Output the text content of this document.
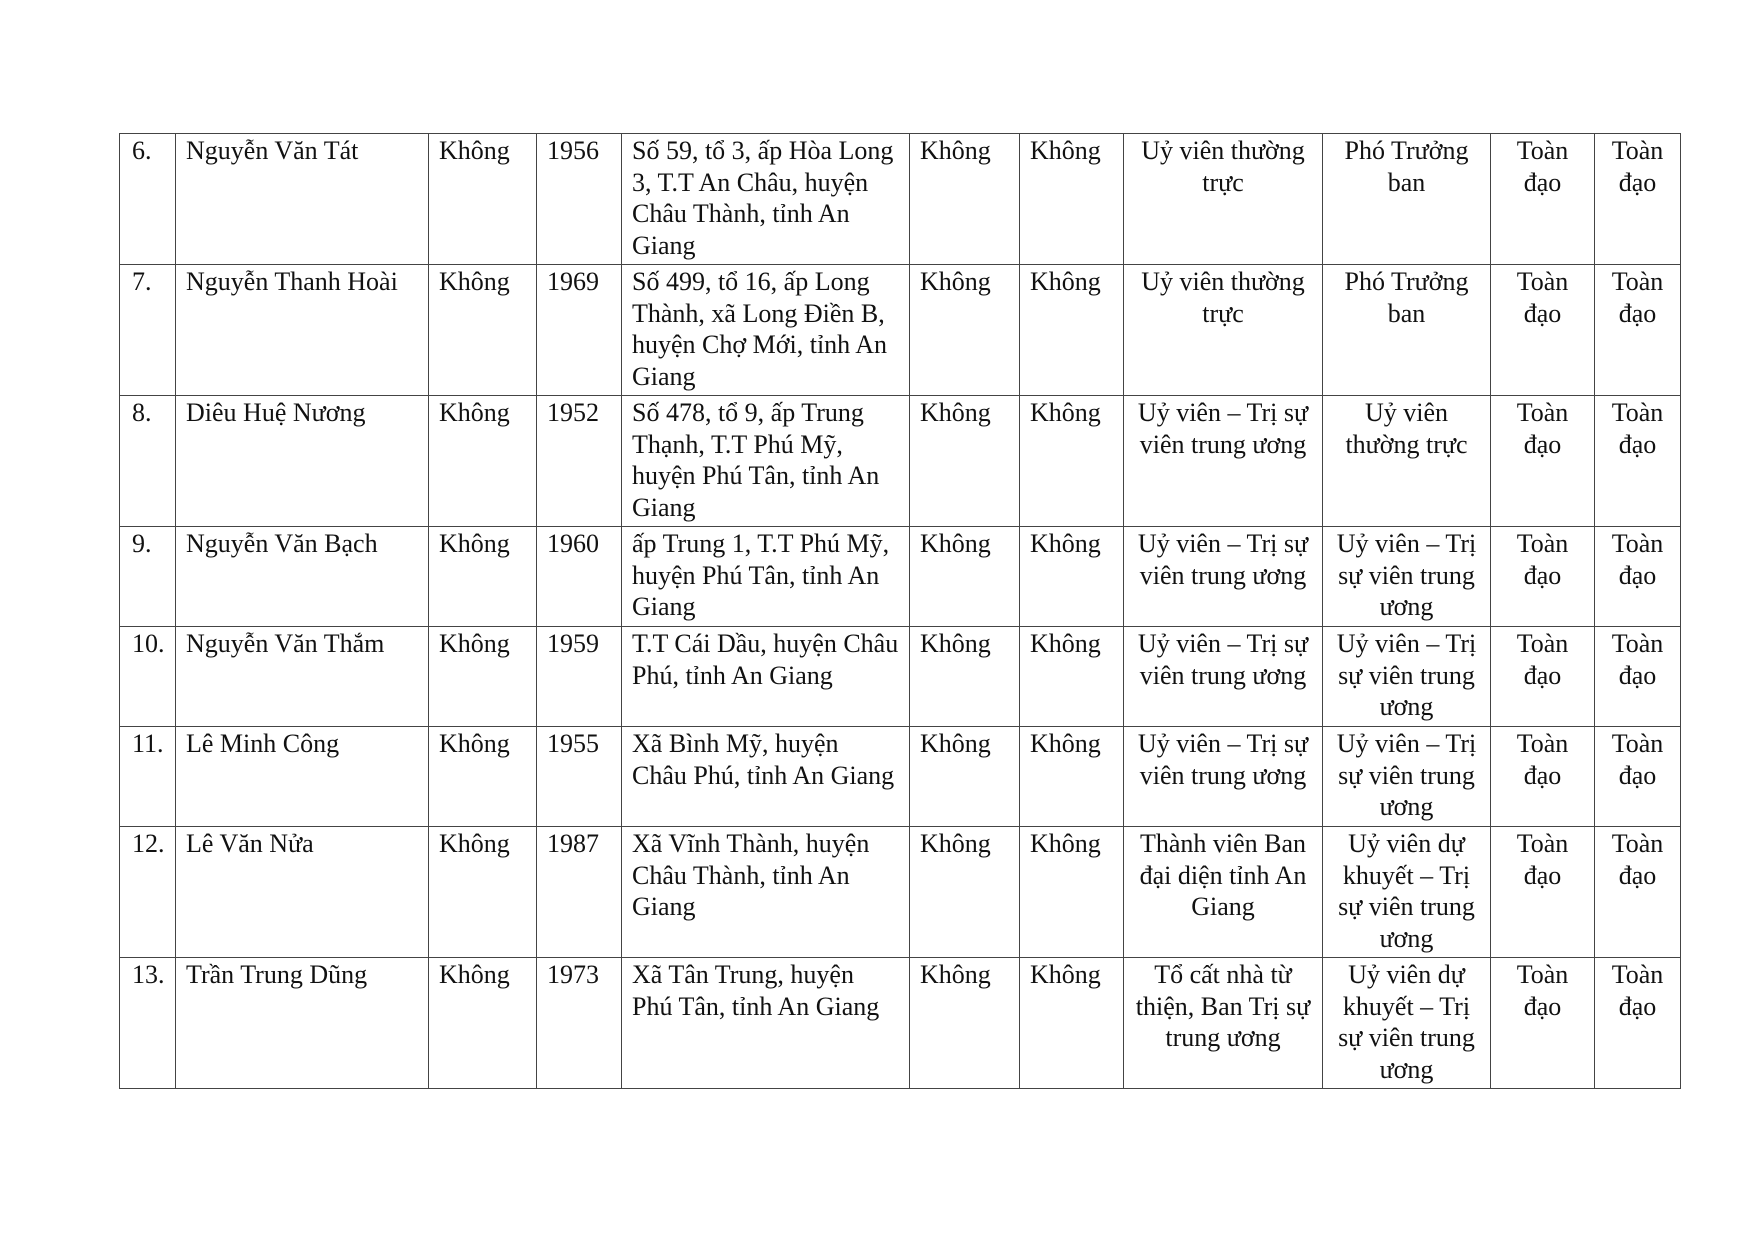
6.	Nguyễn Văn Tát	Không	1956	Số 59, tổ 3, ấp Hòa Long 3, T.T An Châu, huyện Châu Thành, tỉnh An Giang	Không	Không	Uỷ viên thường trực	Phó Trưởng ban	Toàn đạo	Toàn đạo
7.	Nguyễn Thanh Hoài	Không	1969	Số 499, tổ 16, ấp Long Thành, xã Long Điền B, huyện Chợ Mới, tỉnh An Giang	Không	Không	Uỷ viên thường trực	Phó Trưởng ban	Toàn đạo	Toàn đạo
8.	Diêu Huệ Nương	Không	1952	Số 478, tổ 9, ấp Trung Thạnh, T.T Phú Mỹ, huyện Phú Tân, tỉnh An Giang	Không	Không	Uỷ viên – Trị sự viên trung ương	Uỷ viên thường trực	Toàn đạo	Toàn đạo
9.	Nguyễn Văn Bạch	Không	1960	ấp Trung 1, T.T Phú Mỹ, huyện Phú Tân, tỉnh An Giang	Không	Không	Uỷ viên – Trị sự viên trung ương	Uỷ viên – Trị sự viên trung ương	Toàn đạo	Toàn đạo
10.	Nguyễn Văn Thắm	Không	1959	T.T Cái Dầu, huyện Châu Phú, tỉnh An Giang	Không	Không	Uỷ viên – Trị sự viên trung ương	Uỷ viên – Trị sự viên trung ương	Toàn đạo	Toàn đạo
11.	Lê Minh Công	Không	1955	Xã Bình Mỹ, huyện Châu Phú, tỉnh An Giang	Không	Không	Uỷ viên – Trị sự viên trung ương	Uỷ viên – Trị sự viên trung ương	Toàn đạo	Toàn đạo
12.	Lê Văn Nửa	Không	1987	Xã Vĩnh Thành, huyện Châu Thành, tỉnh An Giang	Không	Không	Thành viên Ban đại diện tỉnh An Giang	Uỷ viên dự khuyết – Trị sự viên trung ương	Toàn đạo	Toàn đạo
13.	Trần Trung Dũng	Không	1973	Xã Tân Trung, huyện Phú Tân, tỉnh An Giang	Không	Không	Tổ cất nhà từ thiện, Ban Trị sự trung ương	Uỷ viên dự khuyết – Trị sự viên trung ương	Toàn đạo	Toàn đạo
